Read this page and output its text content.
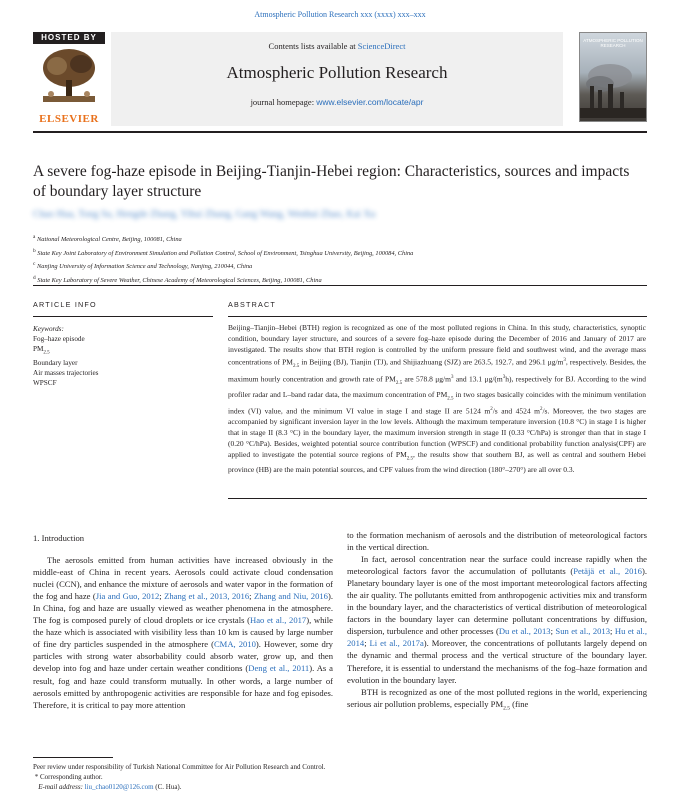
Atmospheric Pollution Research xxx (xxxx) xxx–xxx
HOSTED BY
ELSEVIER
Contents lists available at ScienceDirect
Atmospheric Pollution Research
journal homepage: www.elsevier.com/locate/apr
ATMOSPHERIC POLLUTION RESEARCH
A severe fog-haze episode in Beijing-Tianjin-Hebei region: Characteristics, sources and impacts of boundary layer structure
Chao Hua, Tong Su, Hengde Zhang, Yihui Zhang, Gang Wang, Wenhui Zhao, Kai Xu
$^a$ National Meteorological Centre, Beijing, 100081, China
$^b$ State Key Joint Laboratory of Environment Simulation and Pollution Control, School of Environment, Tsinghua University, Beijing, 100084, China
$^c$ Nanjing University of Information Science and Technology, Nanjing, 210044, China
$^d$ State Key Laboratory of Severe Weather, Chinese Academy of Meteorological Sciences, Beijing, 100081, China
ARTICLE INFO	ABSTRACT
Keywords:
Fog–haze episode
$PM_{2.5}$
Boundary layer
Air masses trajectories
WPSCF
Beijing–Tianjin–Hebei (BTH) region is recognized as one of the most polluted regions in China. In this study, characteristics, synoptic condition, boundary layer structure, and sources of a severe fog–haze episode during the December of 2016 and January of 2017 are investigated. The results show that BTH region is controlled by the uniform pressure field and southwest wind, and the average mass concentrations of $PM_{2.5}$ in Beijing (BJ), Tianjin (TJ), and Shijiazhuang (SJZ) are 263.5, 192.7, and 296.1 $\mu g/m^3$, respectively. Besides, the maximum hourly concentration and growth rate of $PM_{2.5}$ are 578.8 $\mu g/m^3$ and 13.1 $\mu g/(m^3h)$, respectively for BJ. According to the wind profiler radar and L–band radar data, the maximum concentration of $PM_{2.5}$ in two stages basically coincides with the minimum ventilation index (VI) value, and the minimum VI value in stage I and stage II are 5124 $m^2/s$ and 4524 $m^2/s$. Moreover, the two stages are accompanied by significant inversion layer in the low levels. Although the maximum temperature inversion (10.8 °C) in stage I is higher that in stage II (8.3 °C) in the boundary layer, the maximum inversion strength in stage II (0.33 °C/hPa) is stronger than that in stage I (0.20 °C/hPa). Besides, weighted potential source contribution function (WPSCF) and conditional probability function analysis(CPF) are applied to investigate the potential source regions of $PM_{2.5}$, the results show that southern BJ, as well as central and southern Hebei province (HB) are the main potential sources, and CPF values from the wind direction (180°–270°) are all over 0.3.
1. Introduction

The aerosols emitted from human activities have increased obviously in the middle-east of China in recent years. Aerosols could activate cloud condensation nuclei (CCN), and enhance the mixture of aerosols and water vapor in the formation of the fog and haze (Jia and Guo, 2012; Zhang et al., 2013, 2016; Zhang and Niu, 2016). In China, fog and haze are usually viewed as weather phenomena in the atmosphere. The fog is composed purely of cloud droplets or ice crystals (Hao et al., 2017), while the haze which is associated with visibility less than 10 km is caused by large number of fine dry particles suspended in the atmosphere (CMA, 2010). However, some dry particles with strong water absorbability could absorb water, grow up, and then develop into fog and haze under certain weather conditions (Deng et al., 2011). As a result, fog and haze could transform mutually. In other words, a large number of aerosols emitted by anthropogenic activities are responsible for haze and fog episodes. Therefore, it is critical to pay more attention

to the formation mechanism of aerosols and the distribution of meteorological factors in the vertical direction.

In fact, aerosol concentration near the surface could increase rapidly when the meteorological factors favor the accumulation of pollutants (Petäjä et al., 2016). Planetary boundary layer is one of the most important meteorological factors affecting the air quality. The pollutants emitted from anthropogenic activities mix and transform in the boundary layer, and the characteristics of vertical distribution of meteorological factors in the boundary layer can determine pollutant concentrations by diffusion, dispersion, turbulence and other processes (Du et al., 2013; Sun et al., 2013; Hu et al., 2014; Li et al., 2017a). Moreover, the concentrations of pollutants largely depend on the dynamic and thermal process and the vertical structure of the boundary layer. Therefore, it is essential to understand the mechanisms of the fog–haze formation and evolution in the boundary layer.

BTH is recognized as one of the most polluted regions in the world, experiencing serious air pollution problems, especially $PM_{2.5}$ (fine

Peer review under responsibility of Turkish National Committee for Air Pollution Research and Control.
* Corresponding author.
E-mail address: liu_chao0120@126.com (C. Hua).
